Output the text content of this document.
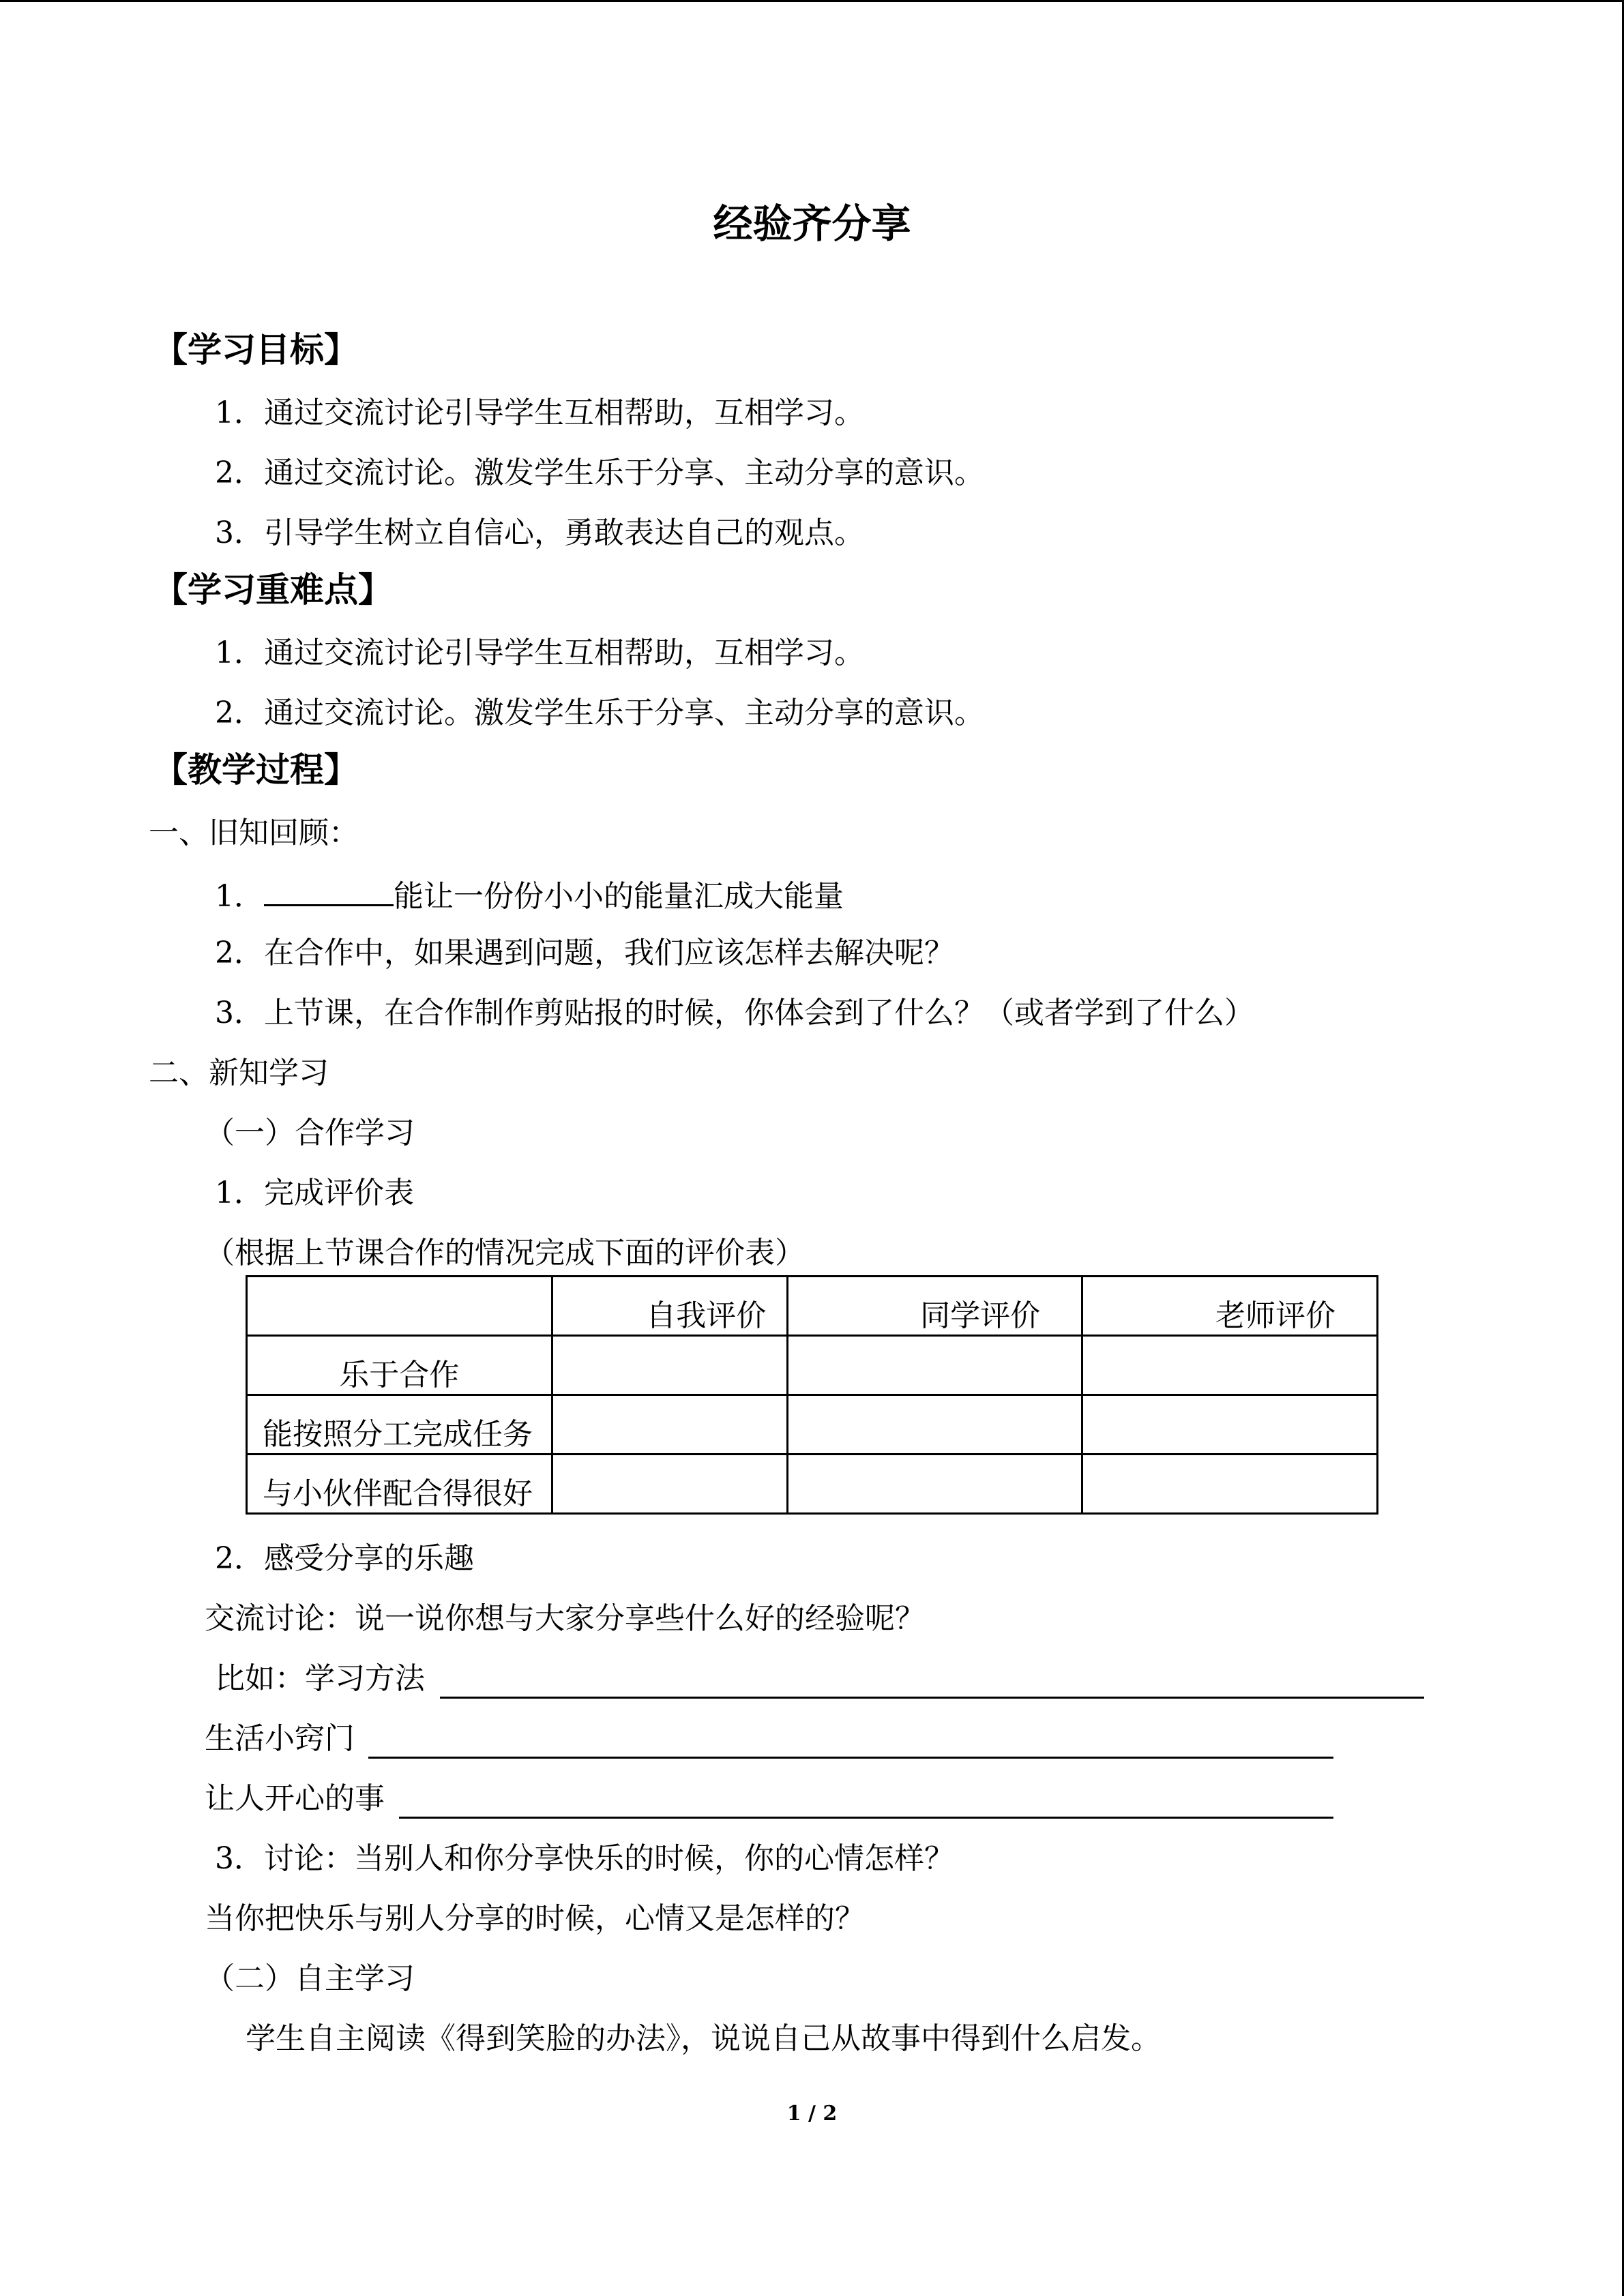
经验齐分享
【学习目标】
1．通过交流讨论引导学生互相帮助，互相学习。
2．通过交流讨论。激发学生乐于分享、主动分享的意识。
3．引导学生树立自信心，勇敢表达自己的观点。
【学习重难点】
1．通过交流讨论引导学生互相帮助，互相学习。
2．通过交流讨论。激发学生乐于分享、主动分享的意识。
【教学过程】
一、旧知回顾：
1．	能让一份份小小的能量汇成大能量
2．在合作中，如果遇到问题，我们应该怎样去解决呢？
3．上节课，在合作制作剪贴报的时候，你体会到了什么？（或者学到了什么）
二、新知学习
（一）合作学习
1．完成评价表
（根据上节课合作的情况完成下面的评价表）
	自我评价	同学评价	老师评价
乐于合作			
能按照分工完成任务			
与小伙伴配合得很好			
2．感受分享的乐趣
交流讨论：说一说你想与大家分享些什么好的经验呢？
比如：学习方法
生活小窍门
让人开心的事
3．讨论：当别人和你分享快乐的时候，你的心情怎样？
当你把快乐与别人分享的时候，心情又是怎样的？
（二）自主学习
学生自主阅读《得到笑脸的办法》，说说自己从故事中得到什么启发。
1 / 2
